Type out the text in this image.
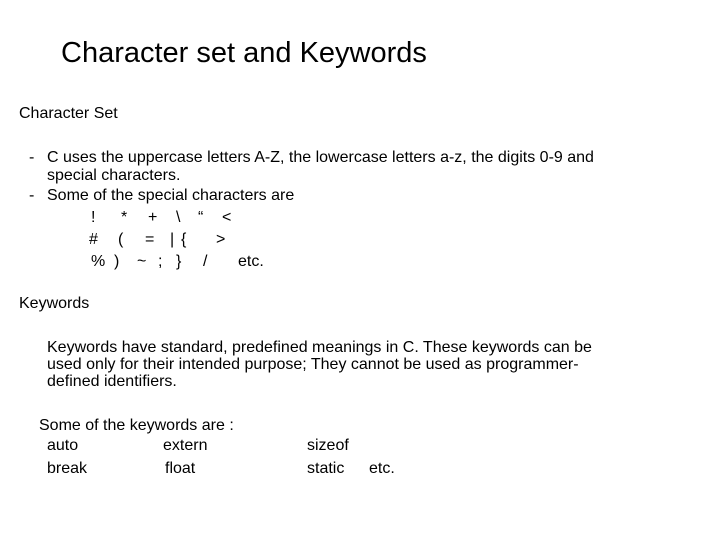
Character set and Keywords
Character Set
- C uses the uppercase letters A-Z, the lowercase letters a-z, the digits 0-9 and
special characters.
- Some of the special characters are
! * + \ “ <
# ( = | { >
% ) ~ ; } / etc.
Keywords
Keywords have standard, predefined meanings in C. These keywords can be
used only for their intended purpose; They cannot be used as programmer-
defined identifiers.
Some of the keywords are :
auto	extern	sizeof
break	float	static etc.
